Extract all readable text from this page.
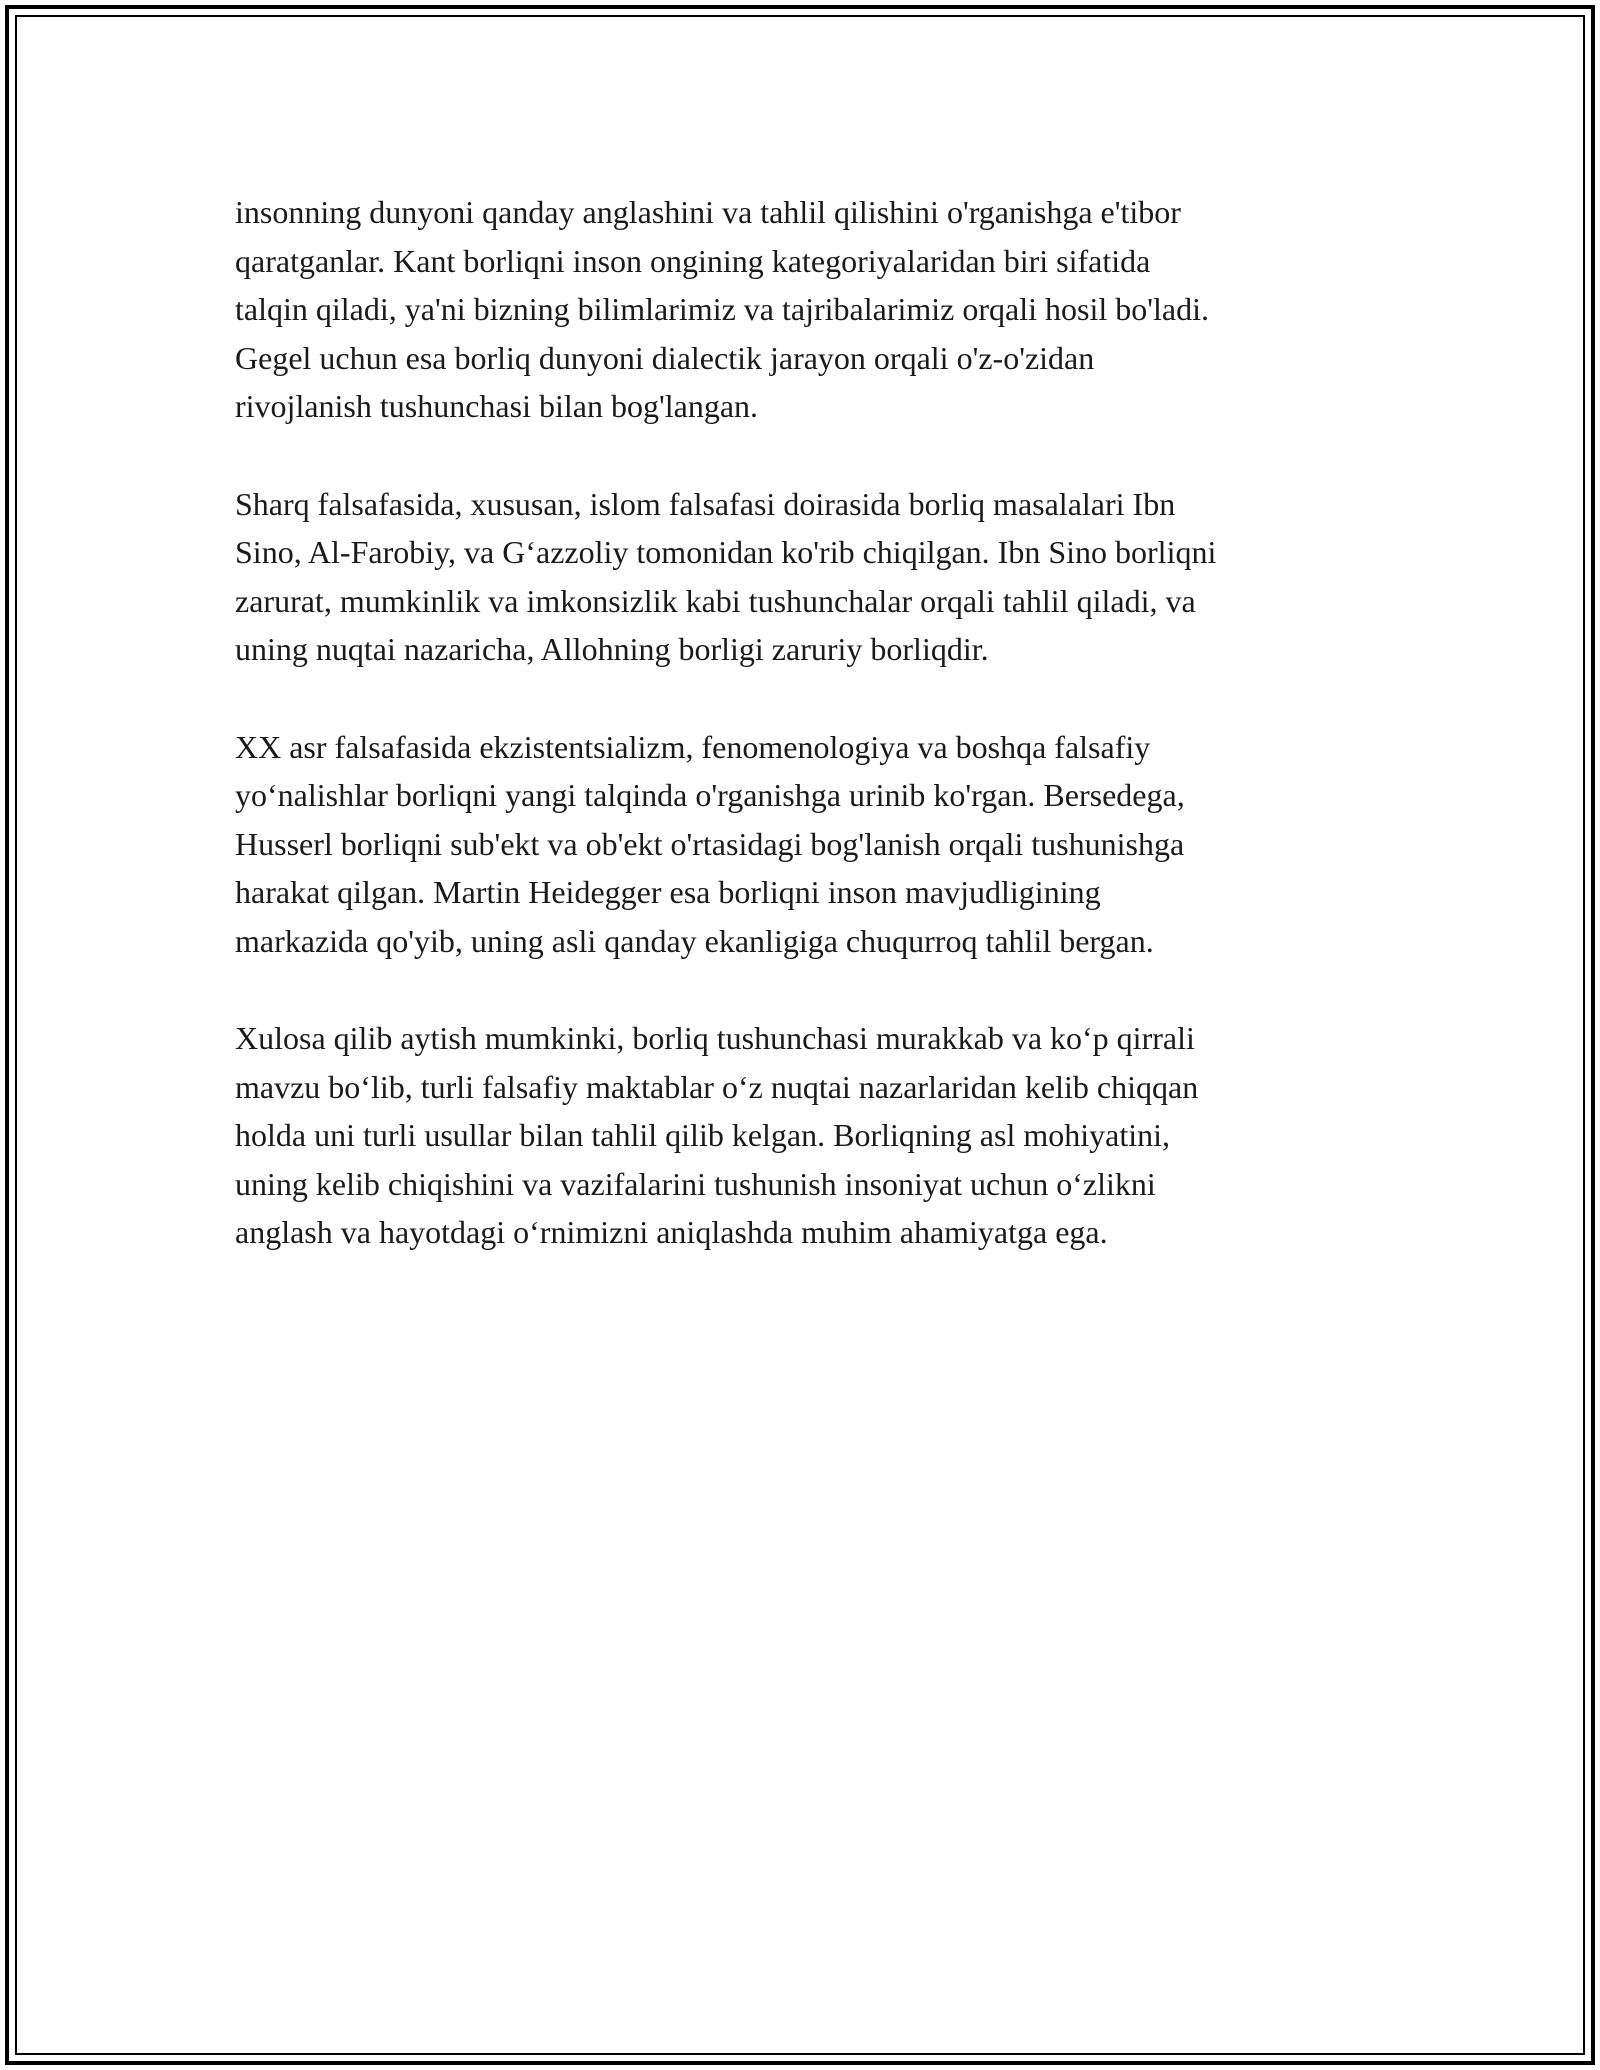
insonning dunyoni qanday anglashini va tahlil qilishini o'rganishga e'tibor
qaratganlar. Kant borliqni inson ongining kategoriyalaridan biri sifatida
talqin qiladi, ya'ni bizning bilimlarimiz va tajribalarimiz orqali hosil bo'ladi.
Gegel uchun esa borliq dunyoni dialectik jarayon orqali o'z-o'zidan
rivojlanish tushunchasi bilan bog'langan.

Sharq falsafasida, xususan, islom falsafasi doirasida borliq masalalari Ibn
Sino, Al-Farobiy, va G‘azzoliy tomonidan ko'rib chiqilgan. Ibn Sino borliqni
zarurat, mumkinlik va imkonsizlik kabi tushunchalar orqali tahlil qiladi, va
uning nuqtai nazaricha, Allohning borligi zaruriy borliqdir.

XX asr falsafasida ekzistentsializm, fenomenologiya va boshqa falsafiy
yo‘nalishlar borliqni yangi talqinda o'rganishga urinib ko'rgan. Bersedega,
Husserl borliqni sub'ekt va ob'ekt o'rtasidagi bog'lanish orqali tushunishga
harakat qilgan. Martin Heidegger esa borliqni inson mavjudligining
markazida qo'yib, uning asli qanday ekanligiga chuqurroq tahlil bergan.

Xulosa qilib aytish mumkinki, borliq tushunchasi murakkab va ko‘p qirrali
mavzu bo‘lib, turli falsafiy maktablar o‘z nuqtai nazarlaridan kelib chiqqan
holda uni turli usullar bilan tahlil qilib kelgan. Borliqning asl mohiyatini,
uning kelib chiqishini va vazifalarini tushunish insoniyat uchun o‘zlikni
anglash va hayotdagi o‘rnimizni aniqlashda muhim ahamiyatga ega.
